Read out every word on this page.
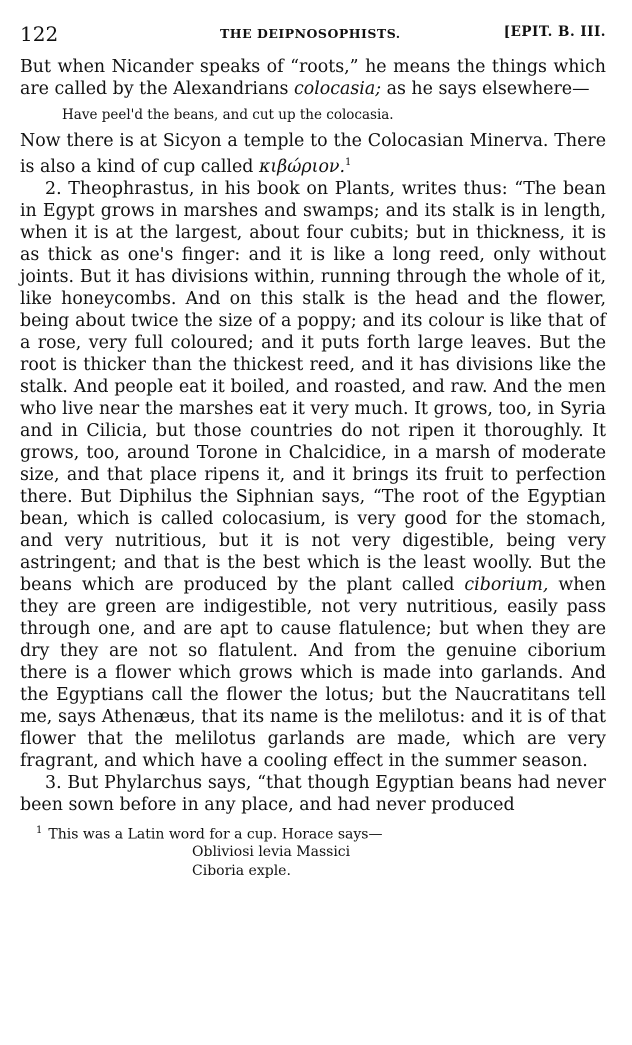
122	THE DEIPNOSOPHISTS.	[EPIT. B. III.

But when Nicander speaks of “roots,” he means the things which are called by the Alexandrians colocasia; as he says elsewhere—

Have peel'd the beans, and cut up the colocasia.

Now there is at Sicyon a temple to the Colocasian Minerva. There is also a kind of cup called κιβώριον.$^1$

2. Theophrastus, in his book on Plants, writes thus: “The bean in Egypt grows in marshes and swamps; and its stalk is in length, when it is at the largest, about four cubits; but in thickness, it is as thick as one's finger: and it is like a long reed, only without joints. But it has divisions within, running through the whole of it, like honeycombs. And on this stalk is the head and the flower, being about twice the size of a poppy; and its colour is like that of a rose, very full coloured; and it puts forth large leaves. But the root is thicker than the thickest reed, and it has divisions like the stalk. And people eat it boiled, and roasted, and raw. And the men who live near the marshes eat it very much. It grows, too, in Syria and in Cilicia, but those countries do not ripen it thoroughly. It grows, too, around Torone in Chalcidice, in a marsh of moderate size, and that place ripens it, and it brings its fruit to perfection there. But Diphilus the Siphnian says, “The root of the Egyptian bean, which is called colocasium, is very good for the stomach, and very nutritious, but it is not very digestible, being very astringent; and that is the best which is the least woolly. But the beans which are produced by the plant called ciborium, when they are green are indigestible, not very nutritious, easily pass through one, and are apt to cause flatulence; but when they are dry they are not so flatulent. And from the genuine ciborium there is a flower which grows which is made into garlands. And the Egyptians call the flower the lotus; but the Naucratitans tell me, says Athenæus, that its name is the melilotus: and it is of that flower that the melilotus garlands are made, which are very fragrant, and which have a cooling effect in the summer season.

3. But Phylarchus says, “that though Egyptian beans had never been sown before in any place, and had never produced

$^1$ This was a Latin word for a cup. Horace says—
Obliviosi levia Massici
Ciboria exple.
